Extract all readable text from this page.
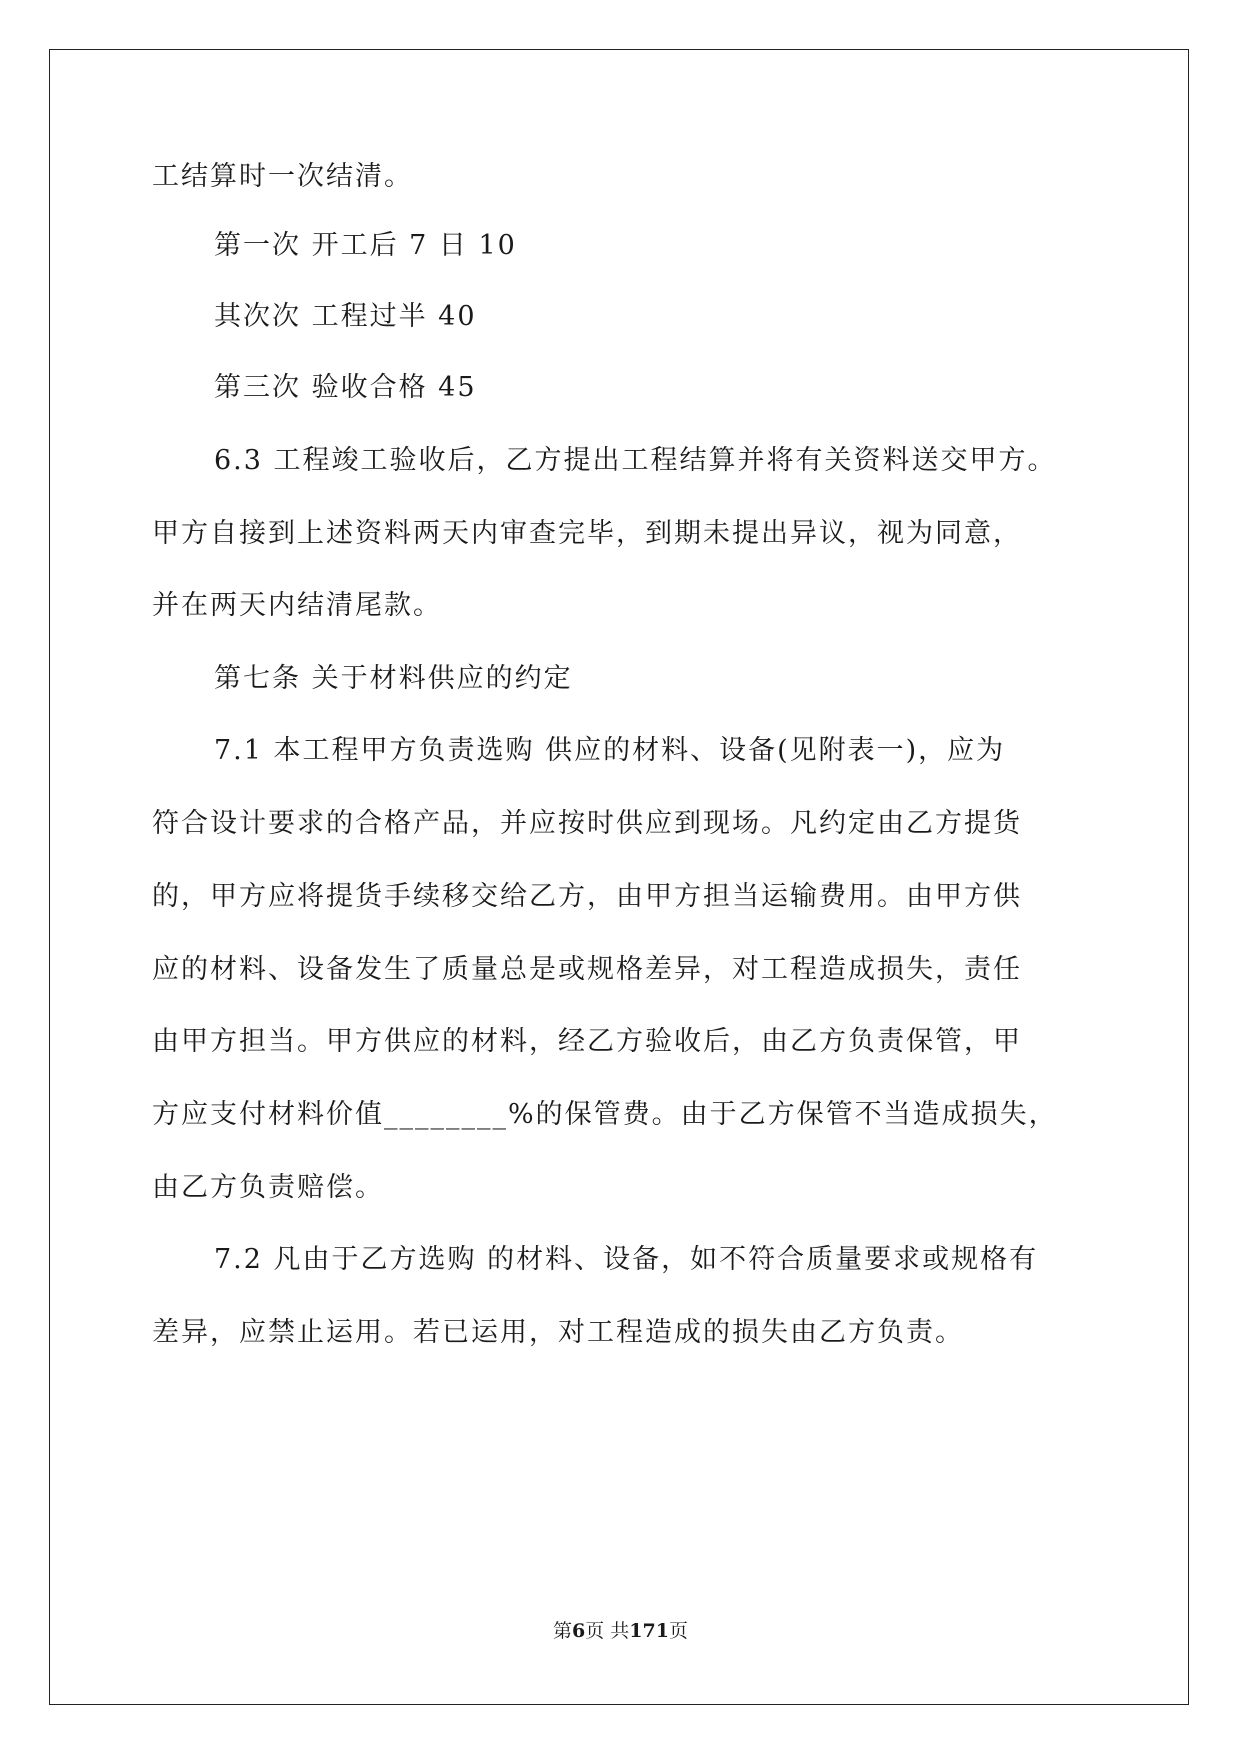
工结算时一次结清。
第一次 开工后 7 日 10
其次次 工程过半 40
第三次 验收合格 45
6.3 工程竣工验收后，乙方提出工程结算并将有关资料送交甲方。
甲方自接到上述资料两天内审查完毕，到期未提出异议，视为同意，
并在两天内结清尾款。
第七条 关于材料供应的约定
7.1 本工程甲方负责选购 供应的材料、设备(见附表一)，应为
符合设计要求的合格产品，并应按时供应到现场。凡约定由乙方提货
的，甲方应将提货手续移交给乙方，由甲方担当运输费用。由甲方供
应的材料、设备发生了质量总是或规格差异，对工程造成损失，责任
由甲方担当。甲方供应的材料，经乙方验收后，由乙方负责保管，甲
方应支付材料价值________%的保管费。由于乙方保管不当造成损失，
由乙方负责赔偿。
7.2 凡由于乙方选购 的材料、设备，如不符合质量要求或规格有
差异，应禁止运用。若已运用，对工程造成的损失由乙方负责。
第6页 共171页
